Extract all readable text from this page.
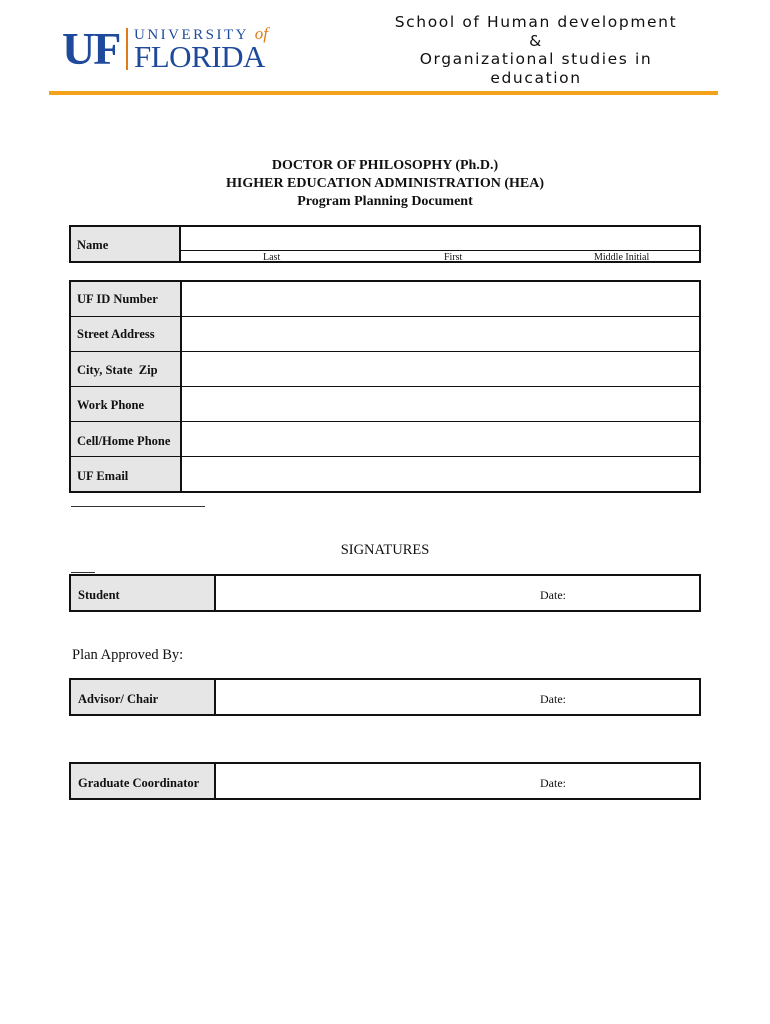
UF UNIVERSITY of
FLORIDA
School of Human development
&
Organizational studies in
education
DOCTOR OF PHILOSOPHY (Ph.D.)
HIGHER EDUCATION ADMINISTRATION (HEA)
Program Planning Document
Name
Last	First	Middle Initial
UF ID Number
Street Address
City, State  Zip
Work Phone
Cell/Home Phone
UF Email
SIGNATURES
Student	Date:
Plan Approved By:
Advisor/ Chair	Date:
Graduate Coordinator	Date:
